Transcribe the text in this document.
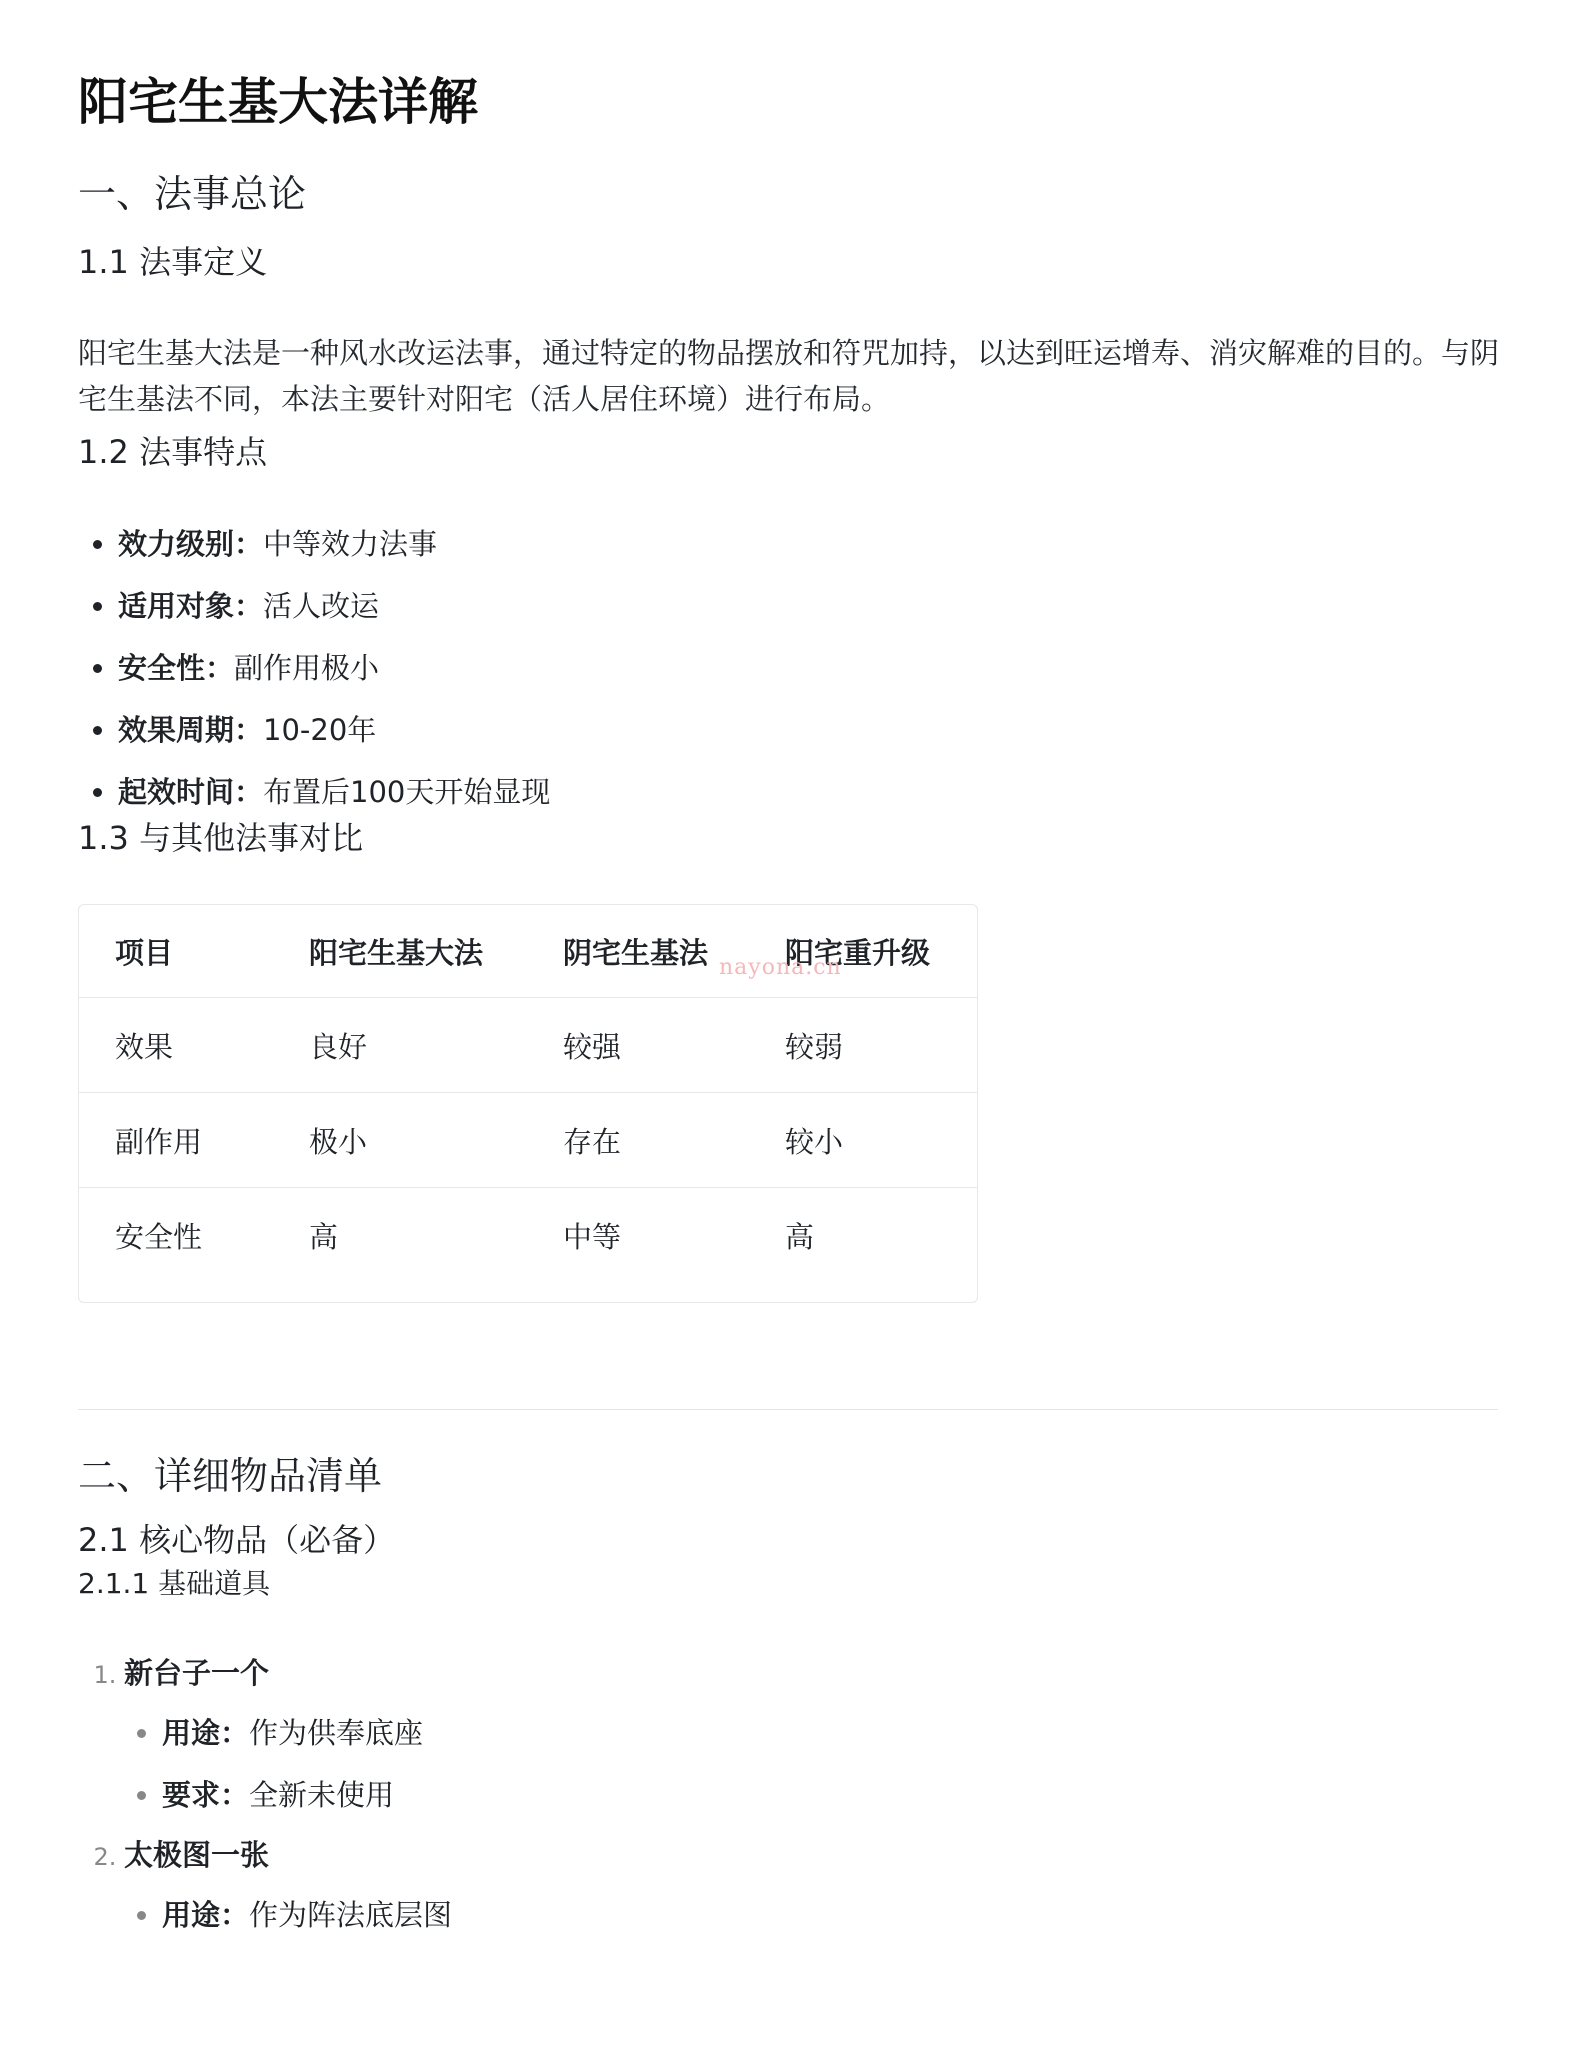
阳宅生基大法详解
一、法事总论
1.1 法事定义

阳宅生基大法是一种风水改运法事，通过特定的物品摆放和符咒加持，以达到旺运增寿、消灾解难的目的。与阴宅生基法不同，本法主要针对阳宅（活人居住环境）进行布局。

1.2 法事特点
• 效力级别：中等效力法事
• 适用对象：活人改运
• 安全性：副作用极小
• 效果周期：10-20年
• 起效时间：布置后100天开始显现
1.3 与其他法事对比
项目	阳宅生基大法	阴宅生基法	阳宅重升级
效果	良好	较强	较弱
副作用	极小	存在	较小
安全性	高	中等	高
nayona.cn
二、详细物品清单
2.1 核心物品（必备）
2.1.1 基础道具
1. 新台子一个
• 用途：作为供奉底座
• 要求：全新未使用
2. 太极图一张
• 用途：作为阵法底层图
